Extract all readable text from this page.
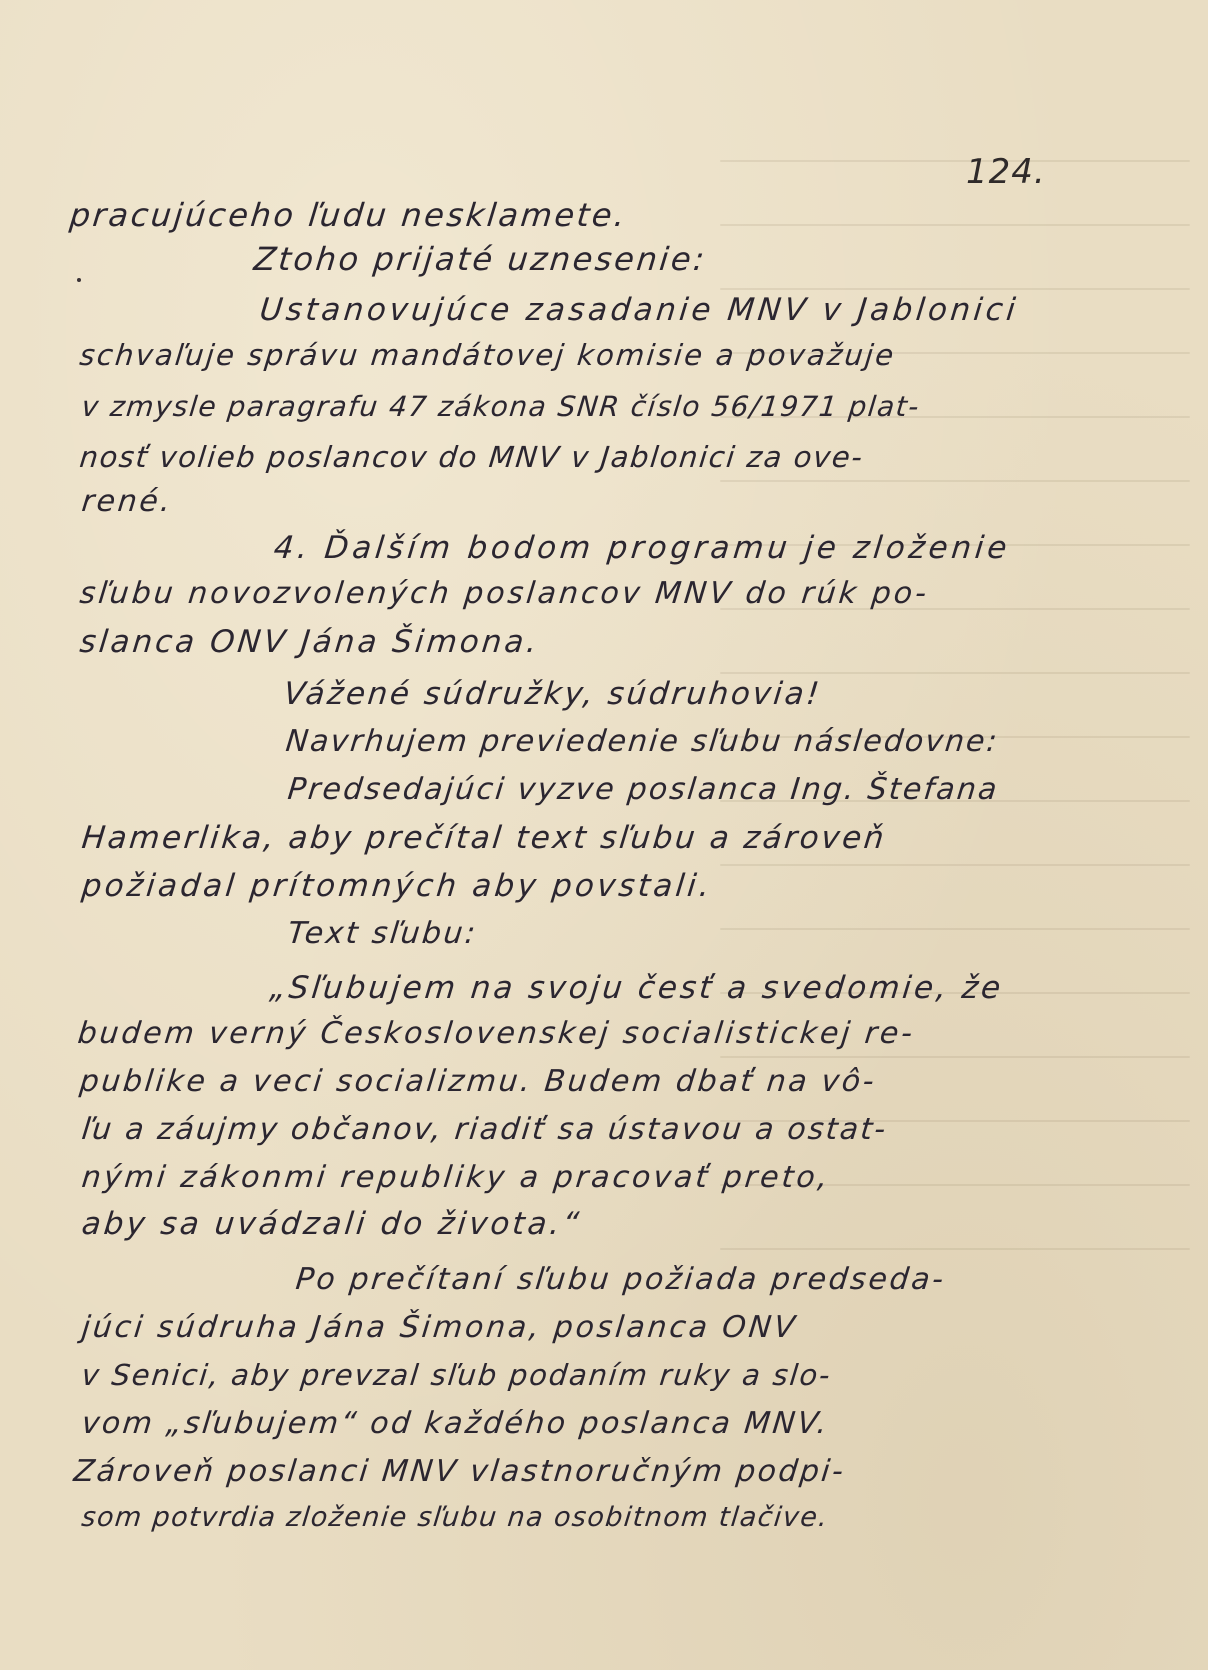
124.
pracujúceho ľudu nesklamete.
Ztoho prijaté uznesenie:
Ustanovujúce zasadanie MNV v Jablonici
schvaľuje správu mandátovej komisie a považuje
v zmysle paragrafu 47 zákona SNR číslo 56/1971 plat-
nosť volieb poslancov do MNV v Jablonici za ove-
rené.
4. Ďalším bodom programu je zloženie
sľubu novozvolených poslancov MNV do rúk po-
slanca ONV Jána Šimona.
Vážené súdružky, súdruhovia!
Navrhujem previedenie sľubu následovne:
Predsedajúci vyzve poslanca Ing. Štefana
Hamerlika, aby prečítal text sľubu a zároveň
požiadal prítomných aby povstali.
Text sľubu:
„Sľubujem na svoju česť a svedomie, že
budem verný Československej socialistickej re-
publike a veci socializmu. Budem dbať na vô-
ľu a záujmy občanov, riadiť sa ústavou a ostat-
nými zákonmi republiky a pracovať preto,
aby sa uvádzali do života.“
Po prečítaní sľubu požiada predseda-
júci súdruha Jána Šimona, poslanca ONV
v Senici, aby prevzal sľub podaním ruky a slo-
vom „sľubujem“ od každého poslanca MNV.
Zároveň poslanci MNV vlastnoručným podpi-
som potvrdia zloženie sľubu na osobitnom tlačive.
